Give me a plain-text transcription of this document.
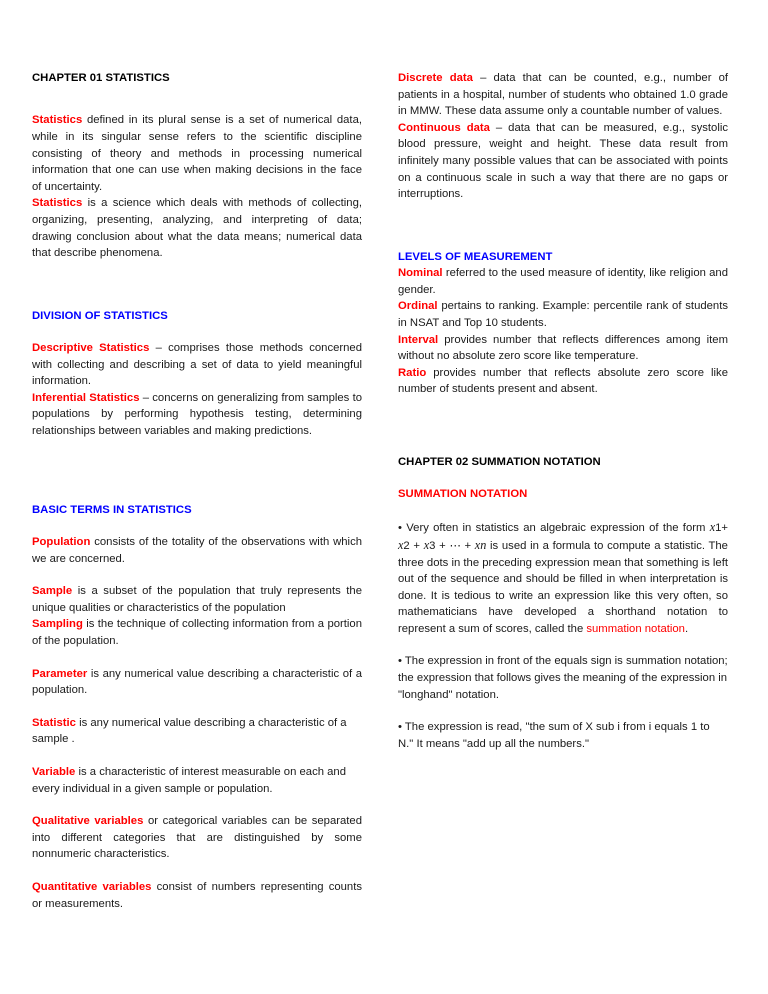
CHAPTER 01 STATISTICS

Statistics defined in its plural sense is a set of numerical data, while in its singular sense refers to the scientific discipline consisting of theory and methods in processing numerical information that one can use when making decisions in the face of uncertainty.
Statistics is a science which deals with methods of collecting, organizing, presenting, analyzing, and interpreting of data; drawing conclusion about what the data means; numerical data that describe phenomena.

DIVISION OF STATISTICS

Descriptive Statistics – comprises those methods concerned with collecting and describing a set of data to yield meaningful information.
Inferential Statistics – concerns on generalizing from samples to populations by performing hypothesis testing, determining relationships between variables and making predictions.

BASIC TERMS IN STATISTICS

Population consists of the totality of the observations with which we are concerned.

Sample is a subset of the population that truly represents the unique qualities or characteristics of the population
Sampling is the technique of collecting information from a portion of the population.

Parameter is any numerical value describing a characteristic of a population.

Statistic is any numerical value describing a characteristic of a sample .

Variable is a characteristic of interest measurable on each and every individual in a given sample or population.

Qualitative variables or categorical variables can be separated into different categories that are distinguished by some nonnumeric characteristics.

Quantitative variables consist of numbers representing counts or measurements.

Discrete data – data that can be counted, e.g., number of patients in a hospital, number of students who obtained 1.0 grade in MMW. These data assume only a countable number of values.
Continuous data – data that can be measured, e.g., systolic blood pressure, weight and height. These data result from infinitely many possible values that can be associated with points on a continuous scale in such a way that there are no gaps or interruptions.

LEVELS OF MEASUREMENT

Nominal referred to the used measure of identity, like religion and gender.
Ordinal pertains to ranking. Example: percentile rank of students in NSAT and Top 10 students.
Interval provides number that reflects differences among item without no absolute zero score like temperature.
Ratio provides number that reflects absolute zero score like number of students present and absent.

CHAPTER 02 SUMMATION NOTATION
SUMMATION NOTATION

• Very often in statistics an algebraic expression of the form x1+ x2 + x3 + ⋯ + xn is used in a formula to compute a statistic. The three dots in the preceding expression mean that something is left out of the sequence and should be filled in when interpretation is done. It is tedious to write an expression like this very often, so mathematicians have developed a shorthand notation to represent a sum of scores, called the summation notation.

• The expression in front of the equals sign is summation notation; the expression that follows gives the meaning of the expression in "longhand" notation.

• The expression is read, "the sum of X sub i from i equals 1 to N." It means "add up all the numbers."
